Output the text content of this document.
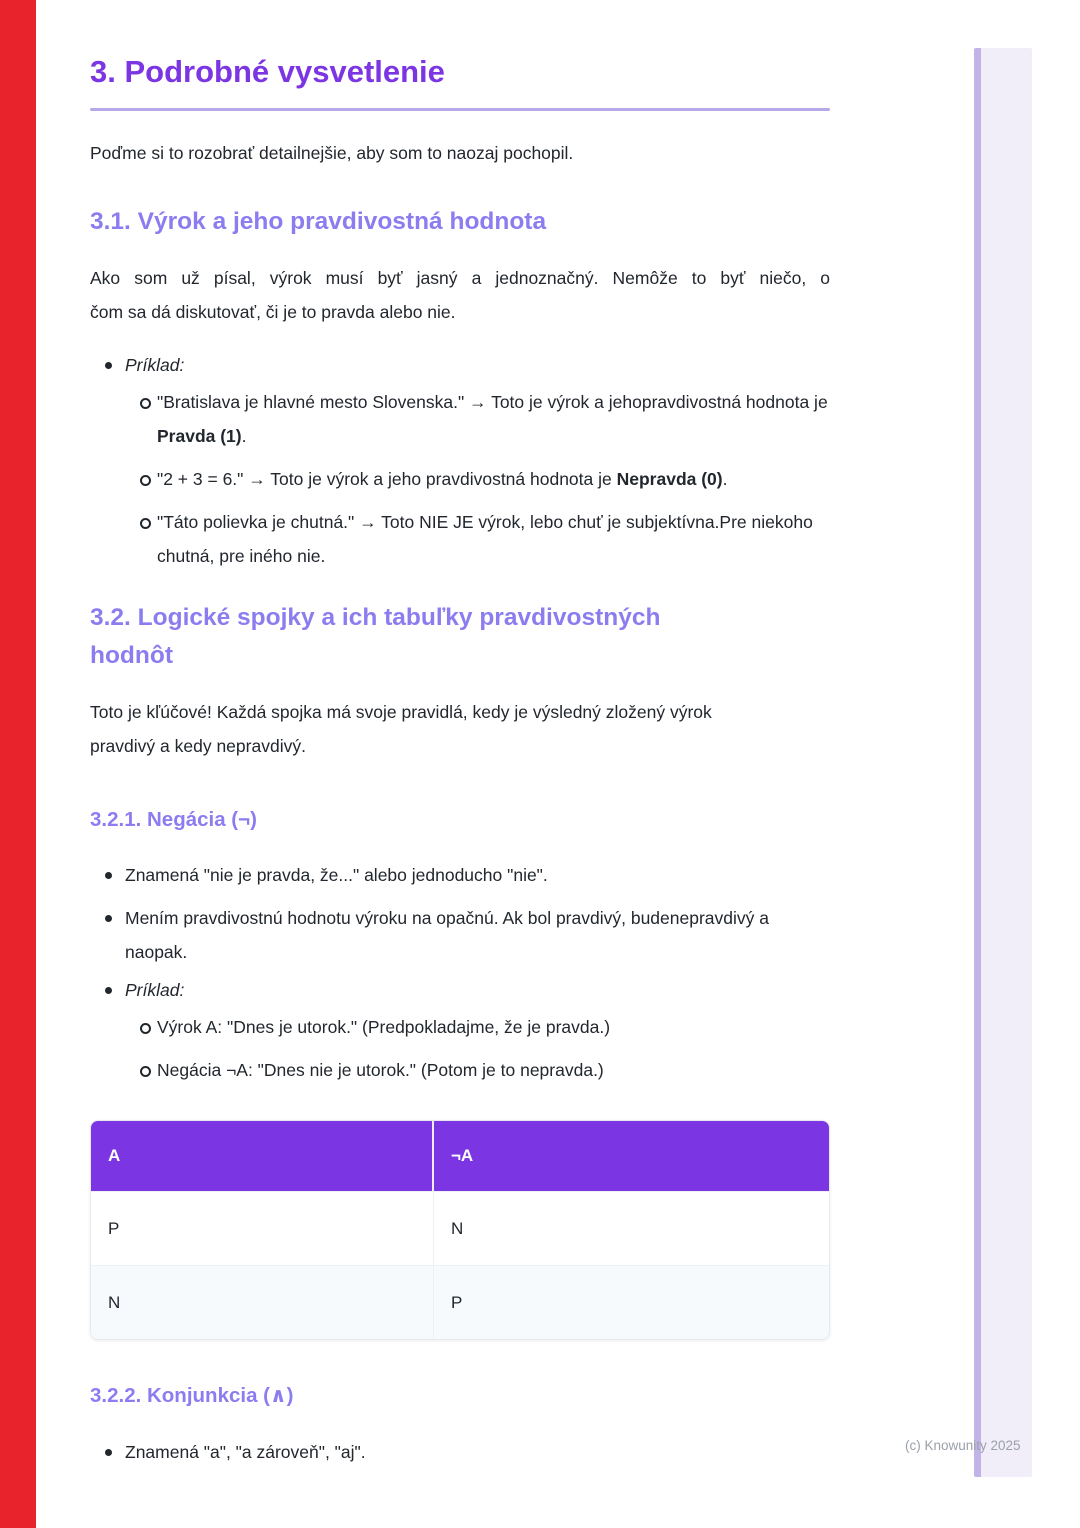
3. Podrobné vysvetlenie

Poďme si to rozobrať detailnejšie, aby som to naozaj pochopil.

3.1. Výrok a jeho pravdivostná hodnota

Ako som už písal, výrok musí byť jasný a jednoznačný. Nemôže to byť niečo, o
čom sa dá diskutovať, či je to pravda alebo nie.

Príklad:
"Bratislava je hlavné mesto Slovenska." → Toto je výrok a jehopravdivostná hodnota je Pravda (1).
"2 + 3 = 6." → Toto je výrok a jeho pravdivostná hodnota je Nepravda (0).
"Táto polievka je chutná." → Toto NIE JE výrok, lebo chuť je subjektívna.Pre niekoho chutná, pre iného nie.
3.2. Logické spojky a ich tabuľky pravdivostných
hodnôt

Toto je kľúčové! Každá spojka má svoje pravidlá, kedy je výsledný zložený výrok
pravdivý a kedy nepravdivý.

3.2.1. Negácia (¬)
Znamená "nie je pravda, že..." alebo jednoducho "nie".
Mením pravdivostnú hodnotu výroku na opačnú. Ak bol pravdivý, budenepravdivý a naopak.
Príklad:
Výrok A: "Dnes je utorok." (Predpokladajme, že je pravda.)
Negácia ¬A: "Dnes nie je utorok." (Potom je to nepravda.)
A	¬A
P	N
N	P
3.2.2. Konjunkcia (∧)
Znamená "a", "a zároveň", "aj".	(c) Knowunity 2025
